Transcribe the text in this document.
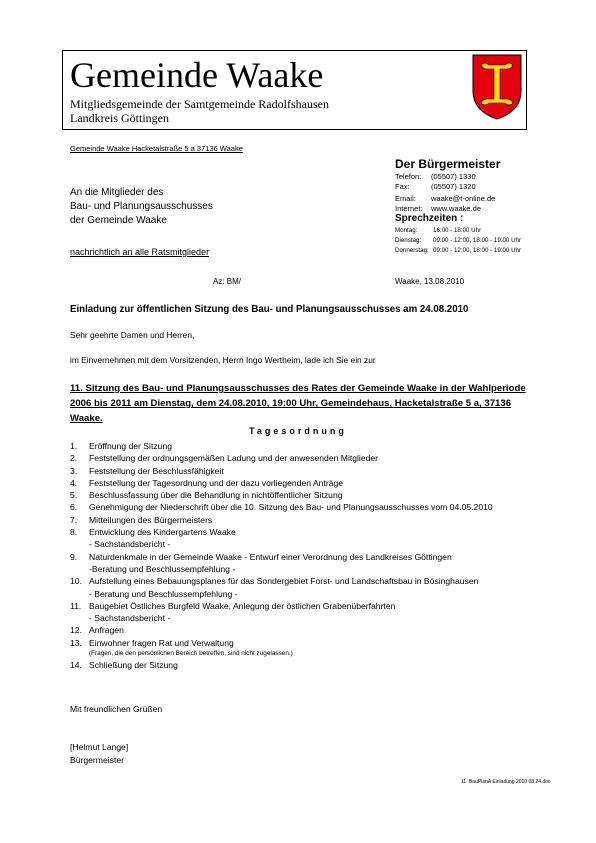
Gemeinde Waake
Mitgliedsgemeinde der Samtgemeinde Radolfshausen
Landkreis Göttingen
Gemeinde Waake Hacketalstraße 5 a 37136 Waake
Der Bürgermeister
Telefon: (05507) 1330
Fax:	(05507) 1320
Email: waake@t-online.de
Internet: www.waake.de
Sprechzeiten :
Montag:	16:00 - 18:00 Uhr
Dienstag: 09:00 - 12:00, 18:00 - 19:00 Uhr
Donnerstag: 09:00 - 12:00, 18:00 - 19:00 Uhr
An die Mitglieder des
Bau- und Planungsausschusses
der Gemeinde Waake
nachrichtlich an alle Ratsmitglieder
Az: BM/	Waake, 13.08.2010
Einladung zur öffentlichen Sitzung des Bau- und Planungsausschusses am 24.08.2010
Sehr geehrte Damen und Herren,
im Einvernehmen mit dem Vorsitzenden, Herrn Ingo Wertheim, lade ich Sie ein zur
11. Sitzung des Bau- und Planungsausschusses des Rates der Gemeinde Waake in der Wahlperiode 2006 bis 2011 am Dienstag, dem 24.08.2010, 19:00 Uhr, Gemeindehaus, Hacketalstraße 5 a, 37136 Waake.
Tagesordnung
1. Eröffnung der Sitzung
2. Feststellung der ordnungsgemäßen Ladung und der anwesenden Mitglieder
3. Feststellung der Beschlussfähigkeit
4. Feststellung der Tagesordnung und der dazu vorliegenden Anträge
5. Beschlussfassung über die Behandlung in nichtöffentlicher Sitzung
6. Genehmigung der Niederschrift über die 10. Sitzung des Bau- und Planungsausschusses vom 04.05.2010
7. Mitteilungen des Bürgermeisters
8. Entwicklung des Kindergartens Waake
- Sachstandsbericht -
9. Naturdenkmale in der Gemeinde Waake - Entwurf einer Verordnung des Landkreises Göttingen
-Beratung und Beschlussempfehlung -
10. Aufstellung eines Bebauungsplanes für das Sondergebiet Forst- und Landschaftsbau in Bösinghausen
- Beratung und Beschlussempfehlung -
11. Baugebiet Östliches Burgfeld Waake, Anlegung der östlichen Grabenüberfahrten
- Sachstandsbericht -
12. Anfragen
13. Einwohner fragen Rat und Verwaltung
(Fragen, die den persönlichen Bereich betreffen, sind nicht zugelassen.)
14. Schließung der Sitzung
Mit freundlichen Grüßen
[Helmut Lange]
Bürgermeister
11. BauPlanA Einladung 2010 08 24.doc
